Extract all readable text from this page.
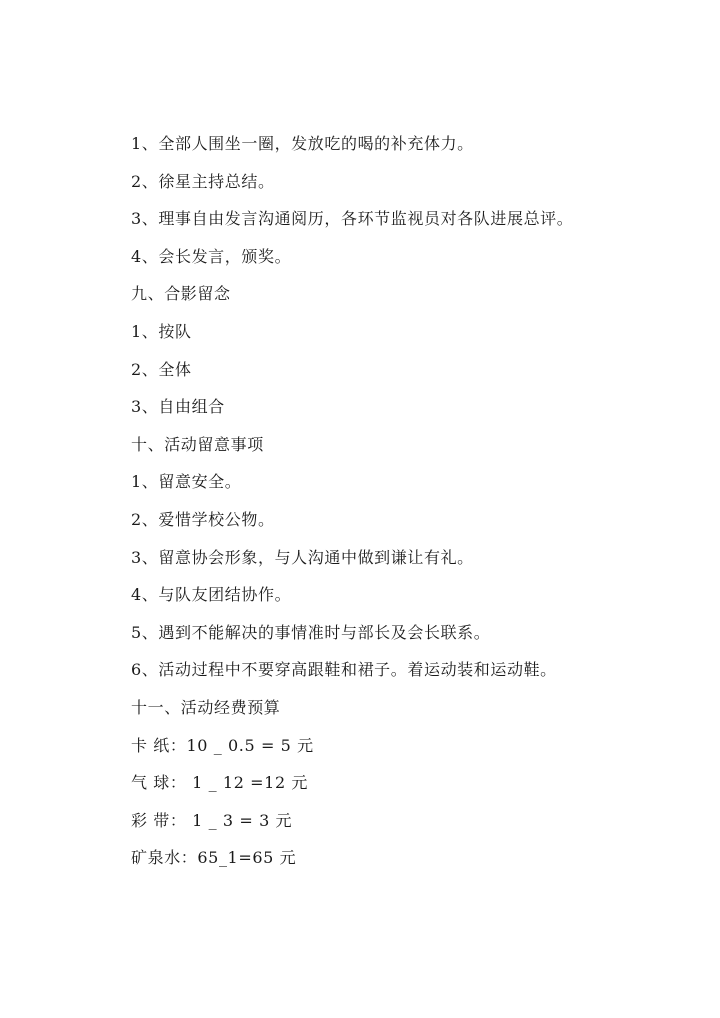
1、全部人围坐一圈，发放吃的喝的补充体力。
2、徐星主持总结。
3、理事自由发言沟通阅历，各环节监视员对各队进展总评。
4、会长发言，颁奖。
九、合影留念
1、按队
2、全体
3、自由组合
十、活动留意事项
1、留意安全。
2、爱惜学校公物。
3、留意协会形象，与人沟通中做到谦让有礼。
4、与队友团结协作。
5、遇到不能解决的事情准时与部长及会长联系。
6、活动过程中不要穿高跟鞋和裙子。着运动装和运动鞋。
十一、活动经费预算
卡 纸：10 _ 0.5 = 5 元
气 球： 1 _ 12 =12 元
彩 带： 1 _ 3 = 3 元
矿泉水：65_1=65 元
